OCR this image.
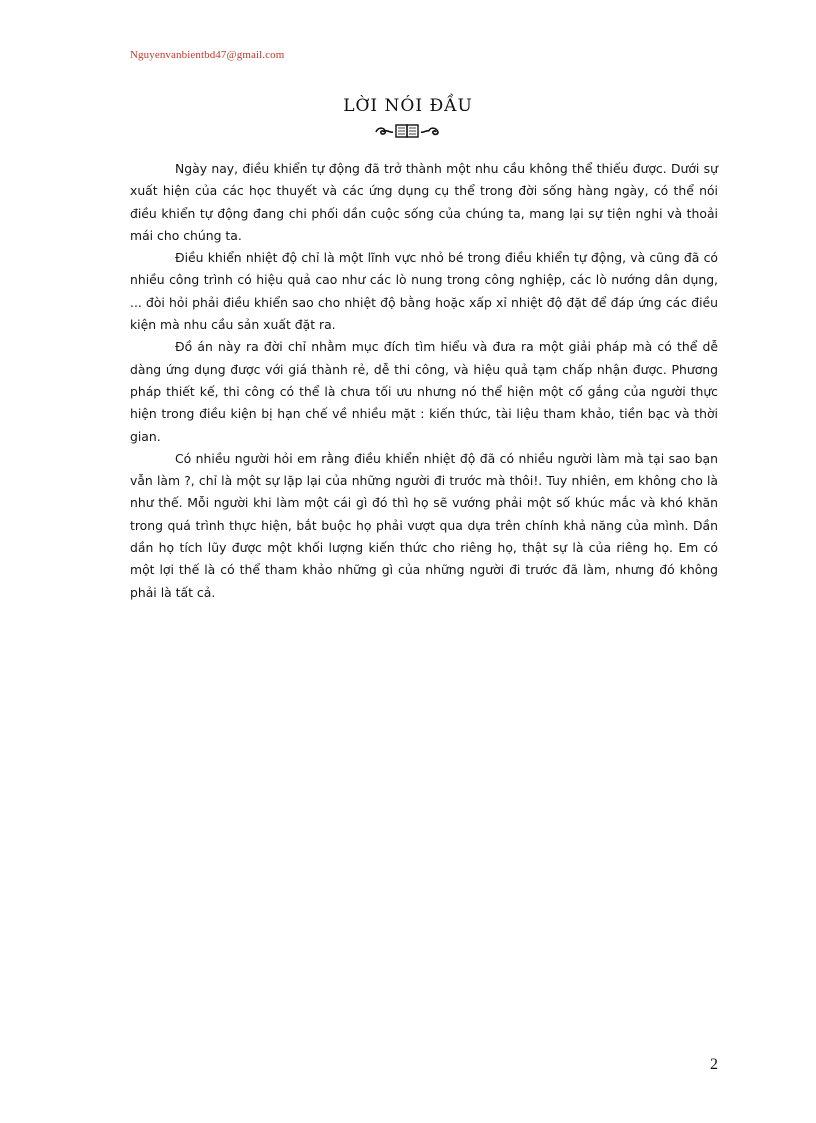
Nguyenvanbientbd47@gmail.com
LỜI NÓI ĐẦU

Ngày nay, điều khiển tự động đã trở thành một nhu cầu không thể thiếu được. Dưới sự xuất hiện của các học thuyết và các ứng dụng cụ thể trong đời sống hàng ngày, có thể nói điều khiển tự động đang chi phối dần cuộc sống của chúng ta, mang lại sự tiện nghi và thoải mái cho chúng ta.

Điều khiển nhiệt độ chỉ là một lĩnh vực nhỏ bé trong điều khiển tự động, và cũng đã có nhiều công trình có hiệu quả cao như các lò nung trong công nghiệp, các lò nướng dân dụng, ... đòi hỏi phải điều khiển sao cho nhiệt độ bằng hoặc xấp xỉ nhiệt độ đặt để đáp ứng các điều kiện mà nhu cầu sản xuất đặt ra.

Đồ án này ra đời chỉ nhằm mục đích tìm hiểu và đưa ra một giải pháp mà có thể dễ dàng ứng dụng được với giá thành rẻ, dễ thi công, và hiệu quả tạm chấp nhận được. Phương pháp thiết kế, thi công có thể là chưa tối ưu nhưng nó thể hiện một cố gắng của người thực hiện trong điều kiện bị hạn chế về nhiều mặt : kiến thức, tài liệu tham khảo, tiền bạc và thời gian.

Có nhiều người hỏi em rằng điều khiển nhiệt độ đã có nhiều người làm mà tại sao bạn vẫn làm ?, chỉ là một sự lặp lại của những người đi trước mà thôi!. Tuy nhiên, em không cho là như thế. Mỗi người khi làm một cái gì đó thì họ sẽ vướng phải một số khúc mắc và khó khăn trong quá trình thực hiện, bắt buộc họ phải vượt qua dựa trên chính khả năng của mình. Dần dần họ tích lũy được một khối lượng kiến thức cho riêng họ, thật sự là của riêng họ. Em có một lợi thế là có thể tham khảo những gì của những người đi trước đã làm, nhưng đó không phải là tất cả.

2
